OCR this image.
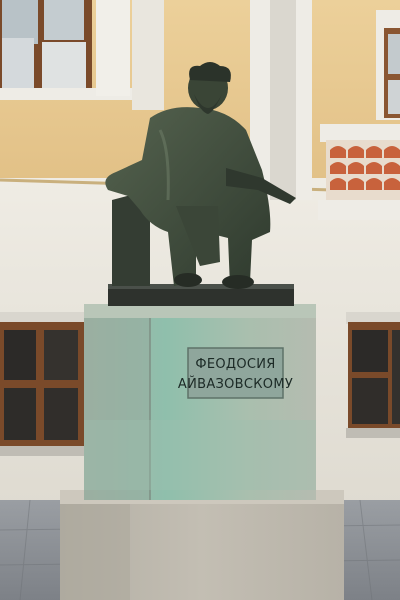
ФЕОДОСИЯ
АЙВАЗОВСКОМУ
